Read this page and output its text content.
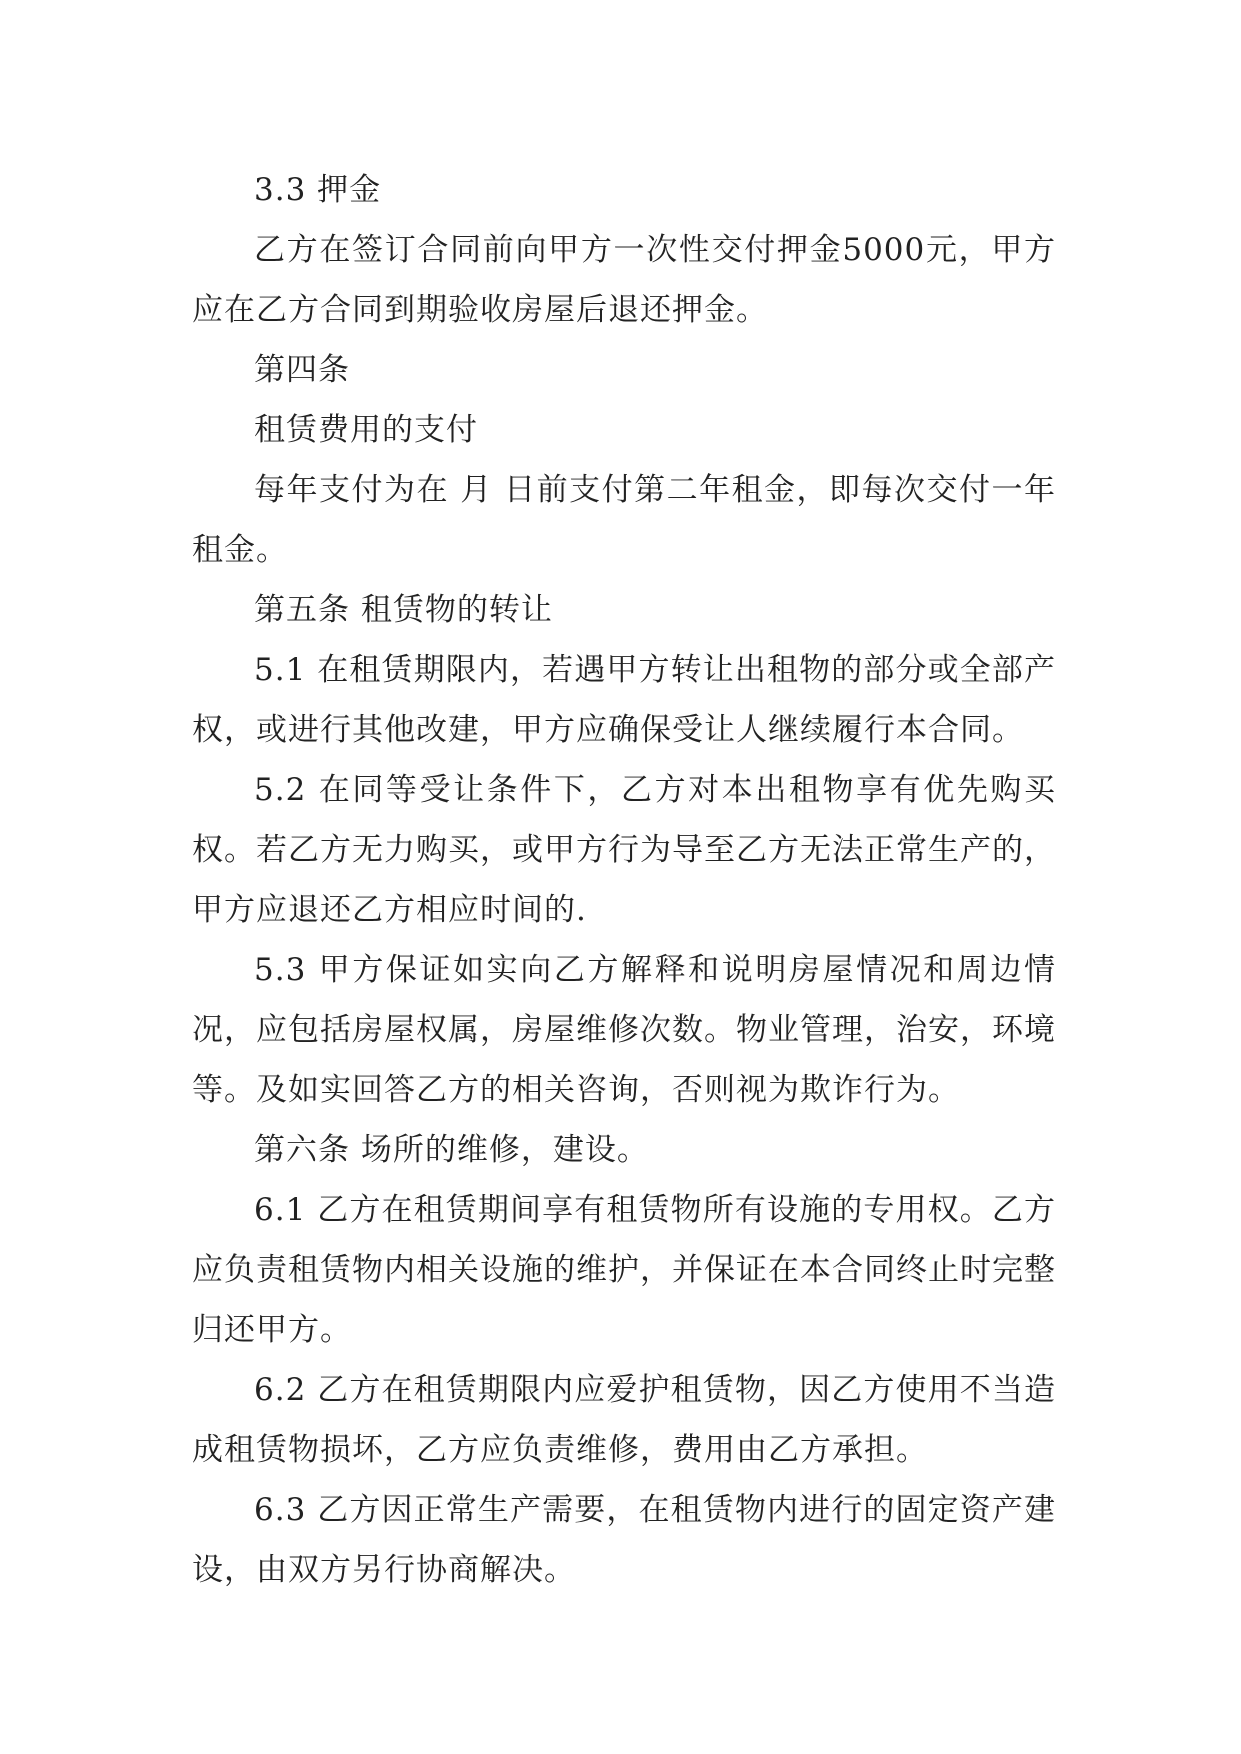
3.3 押金

乙方在签订合同前向甲方一次性交付押金5000元，甲方应在乙方合同到期验收房屋后退还押金。

第四条

租赁费用的支付

每年支付为在 月 日前支付第二年租金，即每次交付一年租金。

第五条 租赁物的转让

5.1 在租赁期限内，若遇甲方转让出租物的部分或全部产权，或进行其他改建，甲方应确保受让人继续履行本合同。

5.2 在同等受让条件下，乙方对本出租物享有优先购买权。若乙方无力购买，或甲方行为导至乙方无法正常生产的，甲方应退还乙方相应时间的.

5.3 甲方保证如实向乙方解释和说明房屋情况和周边情况，应包括房屋权属，房屋维修次数。物业管理，治安，环境等。及如实回答乙方的相关咨询，否则视为欺诈行为。

第六条 场所的维修，建设。

6.1 乙方在租赁期间享有租赁物所有设施的专用权。乙方应负责租赁物内相关设施的维护，并保证在本合同终止时完整归还甲方。

6.2 乙方在租赁期限内应爱护租赁物，因乙方使用不当造成租赁物损坏，乙方应负责维修，费用由乙方承担。

6.3 乙方因正常生产需要，在租赁物内进行的固定资产建设，由双方另行协商解决。
